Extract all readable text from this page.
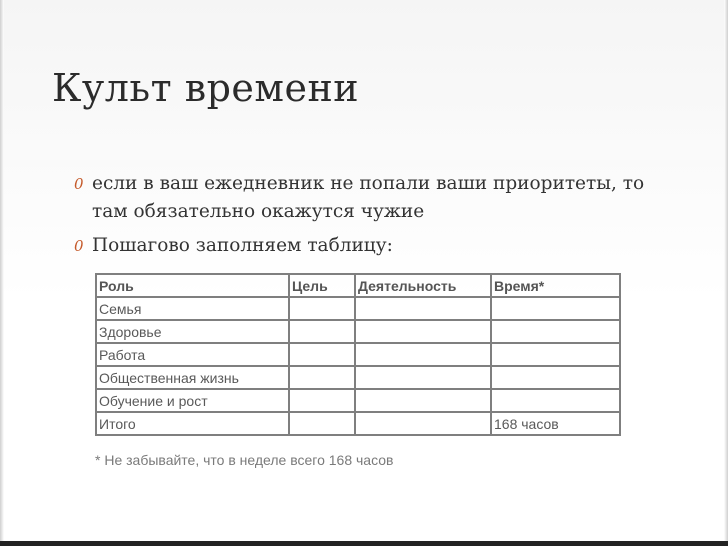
Культ времени
0 если в ваш ежедневник не попали ваши приоритеты, то там обязательно окажутся чужие
0 Пошагово заполняем таблицу:
Роль	Цель	Деятельность	Время*
Семья			
Здоровье			
Работа			
Общественная жизнь			
Обучение и рост			
Итого			168 часов
* Не забывайте, что в неделе всего 168 часов
